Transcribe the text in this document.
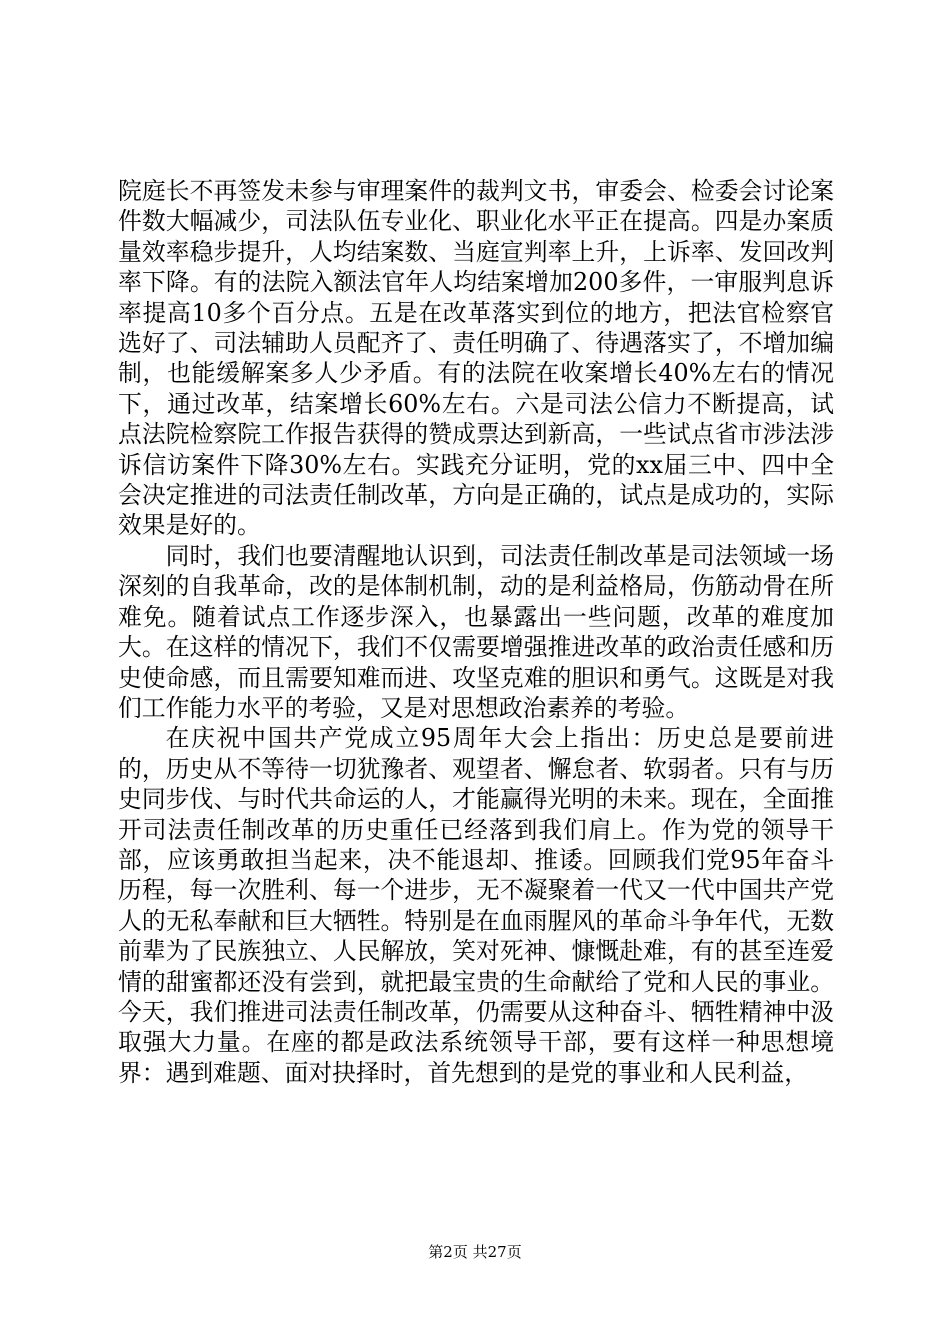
院庭长不再签发未参与审理案件的裁判文书，审委会、检委会讨论案件数大幅减少，司法队伍专业化、职业化水平正在提高。四是办案质量效率稳步提升，人均结案数、当庭宣判率上升，上诉率、发回改判率下降。有的法院入额法官年人均结案增加200多件，一审服判息诉率提高10多个百分点。五是在改革落实到位的地方，把法官检察官选好了、司法辅助人员配齐了、责任明确了、待遇落实了，不增加编制，也能缓解案多人少矛盾。有的法院在收案增长40%左右的情况下，通过改革，结案增长60%左右。六是司法公信力不断提高，试点法院检察院工作报告获得的赞成票达到新高，一些试点省市涉法涉诉信访案件下降30%左右。实践充分证明，党的xx届三中、四中全会决定推进的司法责任制改革，方向是正确的，试点是成功的，实际效果是好的。

同时，我们也要清醒地认识到，司法责任制改革是司法领域一场深刻的自我革命，改的是体制机制，动的是利益格局，伤筋动骨在所难免。随着试点工作逐步深入，也暴露出一些问题，改革的难度加大。在这样的情况下，我们不仅需要增强推进改革的政治责任感和历史使命感，而且需要知难而进、攻坚克难的胆识和勇气。这既是对我们工作能力水平的考验，又是对思想政治素养的考验。

在庆祝中国共产党成立95周年大会上指出：历史总是要前进的，历史从不等待一切犹豫者、观望者、懈怠者、软弱者。只有与历史同步伐、与时代共命运的人，才能赢得光明的未来。现在，全面推开司法责任制改革的历史重任已经落到我们肩上。作为党的领导干部，应该勇敢担当起来，决不能退却、推诿。回顾我们党95年奋斗历程，每一次胜利、每一个进步，无不凝聚着一代又一代中国共产党人的无私奉献和巨大牺牲。特别是在血雨腥风的革命斗争年代，无数前辈为了民族独立、人民解放，笑对死神、慷慨赴难，有的甚至连爱情的甜蜜都还没有尝到，就把最宝贵的生命献给了党和人民的事业。今天，我们推进司法责任制改革，仍需要从这种奋斗、牺牲精神中汲取强大力量。在座的都是政法系统领导干部，要有这样一种思想境界：遇到难题、面对抉择时，首先想到的是党的事业和人民利益，

第2页 共27页
